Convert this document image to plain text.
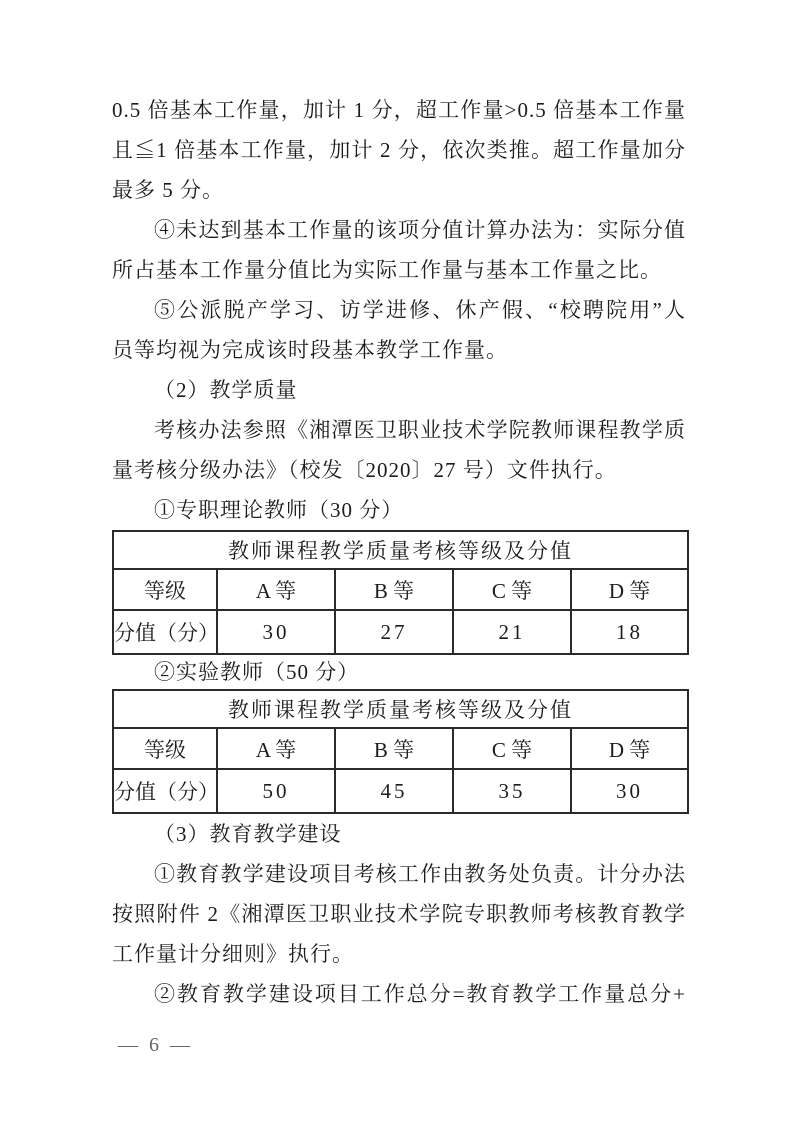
0.5 倍基本工作量，加计 1 分，超工作量>0.5 倍基本工作量

且≦1 倍基本工作量，加计 2 分，依次类推。超工作量加分

最多 5 分。

④未达到基本工作量的该项分值计算办法为：实际分值

所占基本工作量分值比为实际工作量与基本工作量之比。

⑤公派脱产学习、访学进修、休产假、“校聘院用”人

员等均视为完成该时段基本教学工作量。

（2）教学质量

考核办法参照《湘潭医卫职业技术学院教师课程教学质

量考核分级办法》（校发〔2020〕27 号）文件执行。

①专职理论教师（30 分）

教师课程教学质量考核等级及分值				
等级	A 等	B 等	C 等	D 等
分值（分）	30	27	21	18

②实验教师（50 分）

教师课程教学质量考核等级及分值				
等级	A 等	B 等	C 等	D 等
分值（分）	50	45	35	30

（3）教育教学建设

①教育教学建设项目考核工作由教务处负责。计分办法

按照附件 2《湘潭医卫职业技术学院专职教师考核教育教学

工作量计分细则》执行。

②教育教学建设项目工作总分=教育教学工作量总分+

— 6 —
